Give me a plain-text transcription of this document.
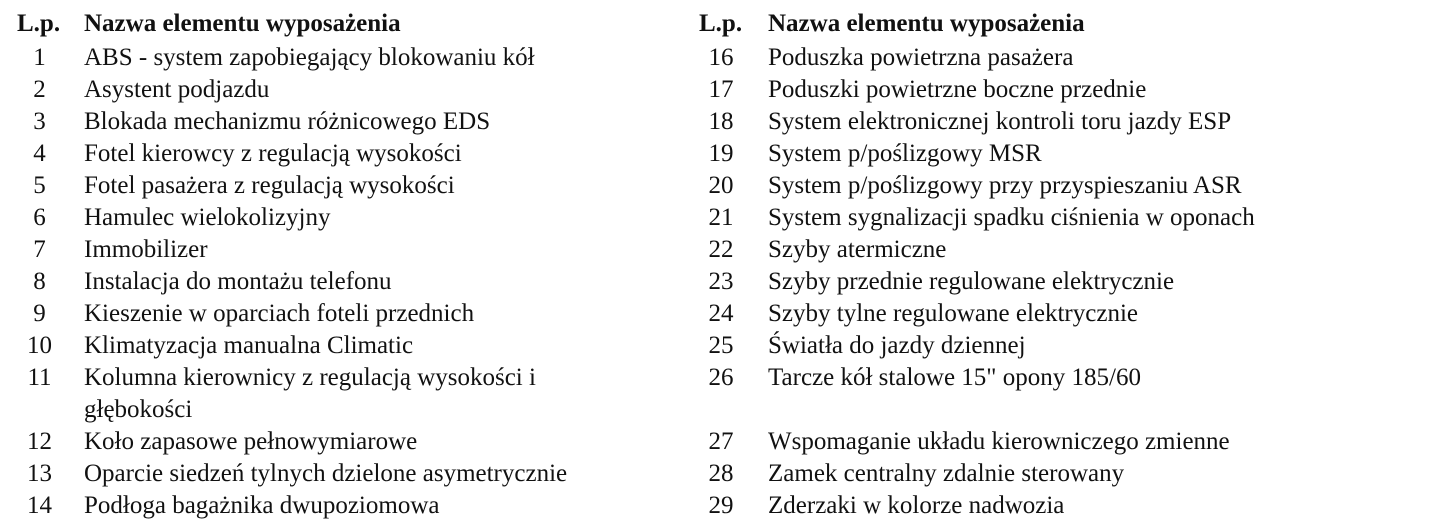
L.p. Nazwa elementu wyposażenia
1	ABS - system zapobiegający blokowaniu kół
2	Asystent podjazdu
3	Blokada mechanizmu różnicowego EDS
4	Fotel kierowcy z regulacją wysokości
5	Fotel pasażera z regulacją wysokości
6	Hamulec wielokolizyjny
7	Immobilizer
8	Instalacja do montażu telefonu
9	Kieszenie w oparciach foteli przednich
10	Klimatyzacja manualna Climatic
11	Kolumna kierownicy z regulacją wysokości i głębokości
12	Koło zapasowe pełnowymiarowe
13	Oparcie siedzeń tylnych dzielone asymetrycznie
14	Podłoga bagażnika dwupoziomowa
L.p.	Nazwa elementu wyposażenia
16	Poduszka powietrzna pasażera
17	Poduszki powietrzne boczne przednie
18	System elektronicznej kontroli toru jazdy ESP
19	System p/poślizgowy MSR
20	System p/poślizgowy przy przyspieszaniu ASR
21	System sygnalizacji spadku ciśnienia w oponach
22	Szyby atermiczne
23	Szyby przednie regulowane elektrycznie
24	Szyby tylne regulowane elektrycznie
25	Światła do jazdy dziennej
26	Tarcze kół stalowe 15" opony 185/60
27	Wspomaganie układu kierowniczego zmienne
28	Zamek centralny zdalnie sterowany
29	Zderzaki w kolorze nadwozia
